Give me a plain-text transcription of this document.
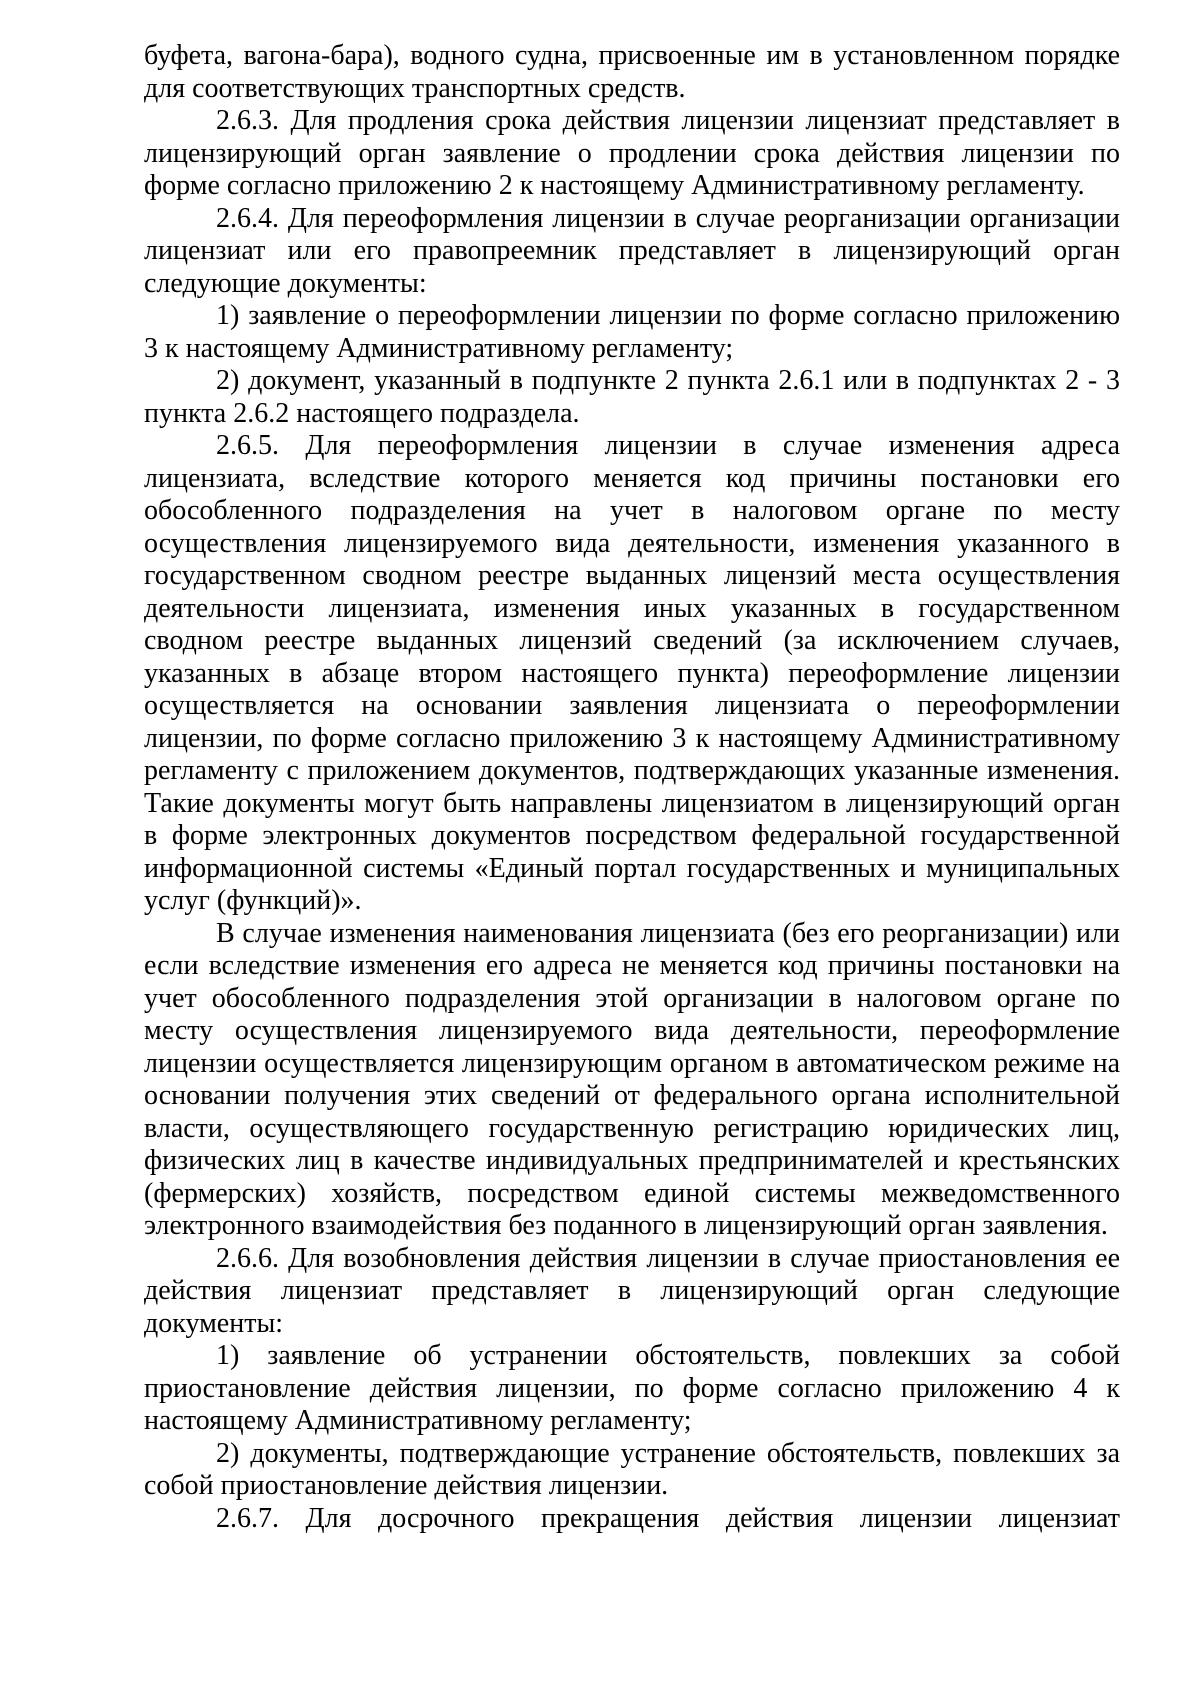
буфета, вагона-бара), водного судна, присвоенные им в установленном порядке для соответствующих транспортных средств.

2.6.3. Для продления срока действия лицензии лицензиат представляет в лицензирующий орган заявление о продлении срока действия лицензии по форме согласно приложению 2 к настоящему Административному регламенту.

2.6.4. Для переоформления лицензии в случае реорганизации организации лицензиат или его правопреемник представляет в лицензирующий орган следующие документы:

1) заявление о переоформлении лицензии по форме согласно приложению 3 к настоящему Административному регламенту;

2) документ, указанный в подпункте 2 пункта 2.6.1 или в подпунктах 2 - 3 пункта 2.6.2 настоящего подраздела.

2.6.5. Для переоформления лицензии в случае изменения адреса лицензиата, вследствие которого меняется код причины постановки его обособленного подразделения на учет в налоговом органе по месту осуществления лицензируемого вида деятельности, изменения указанного в государственном сводном реестре выданных лицензий места осуществления деятельности лицензиата, изменения иных указанных в государственном сводном реестре выданных лицензий сведений (за исключением случаев, указанных в абзаце втором настоящего пункта) переоформление лицензии осуществляется на основании заявления лицензиата о переоформлении лицензии, по форме согласно приложению 3 к настоящему Административному регламенту с приложением документов, подтверждающих указанные изменения. Такие документы могут быть направлены лицензиатом в лицензирующий орган в форме электронных документов посредством федеральной государственной информационной системы «Единый портал государственных и муниципальных услуг (функций)».

В случае изменения наименования лицензиата (без его реорганизации) или если вследствие изменения его адреса не меняется код причины постановки на учет обособленного подразделения этой организации в налоговом органе по месту осуществления лицензируемого вида деятельности, переоформление лицензии осуществляется лицензирующим органом в автоматическом режиме на основании получения этих сведений от федерального органа исполнительной власти, осуществляющего государственную регистрацию юридических лиц, физических лиц в качестве индивидуальных предпринимателей и крестьянских (фермерских) хозяйств, посредством единой системы межведомственного электронного взаимодействия без поданного в лицензирующий орган заявления.

2.6.6. Для возобновления действия лицензии в случае приостановления ее действия лицензиат представляет в лицензирующий орган следующие документы:

1) заявление об устранении обстоятельств, повлекших за собой приостановление действия лицензии, по форме согласно приложению 4 к настоящему Административному регламенту;

2) документы, подтверждающие устранение обстоятельств, повлекших за собой приостановление действия лицензии.

2.6.7. Для досрочного прекращения действия лицензии лицензиат
